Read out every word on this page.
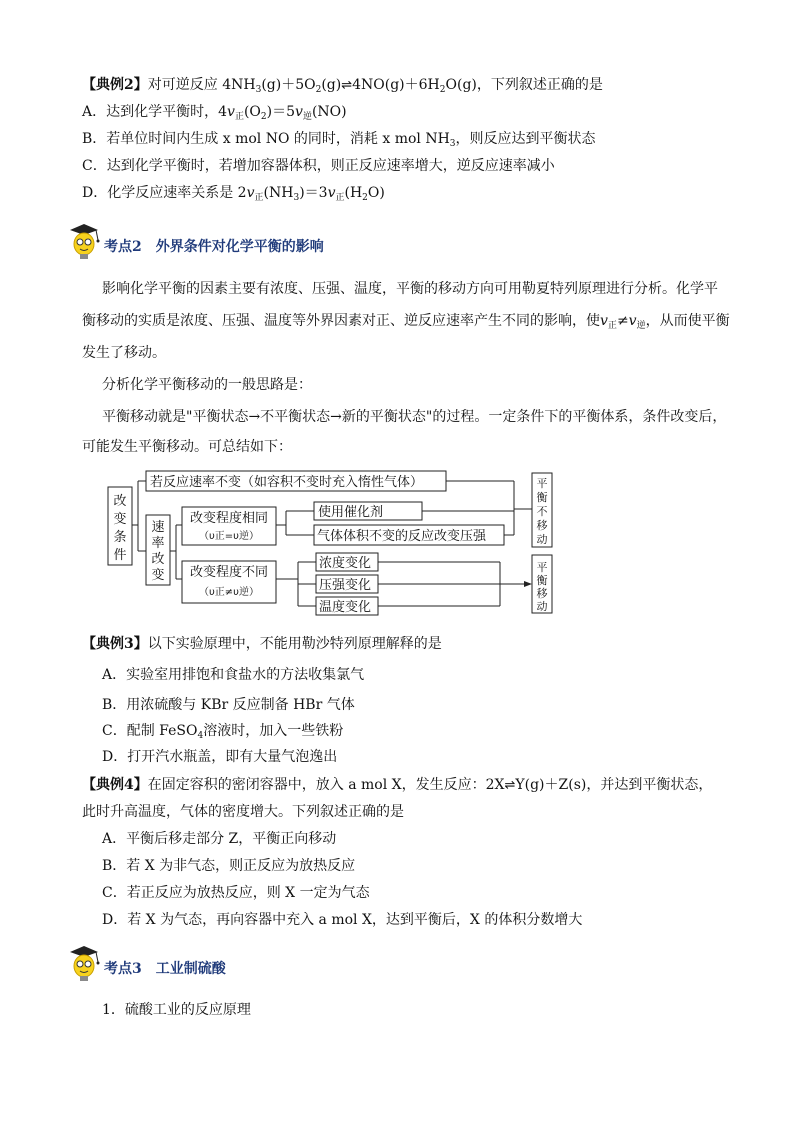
【典例2】对可逆反应 $4NH_3(g)+5O_2(g)\rightleftharpoons 4NO(g)+6H_2O(g)$，下列叙述正确的是
A．达到化学平衡时，$4v_正(O_2)=5v_逆(NO)$
B．若单位时间内生成 x mol NO 的同时，消耗 x mol $NH_3$，则反应达到平衡状态
C．达到化学平衡时，若增加容器体积，则正反应速率增大，逆反应速率减小
D．化学反应速率关系是 $2v_正(NH_3)=3v_正(H_2O)$
考点2 外界条件对化学平衡的影响
影响化学平衡的因素主要有浓度、压强、温度，平衡的移动方向可用勒夏特列原理进行分析。化学平
衡移动的实质是浓度、压强、温度等外界因素对正、逆反应速率产生不同的影响，使$v_正\ne v_逆$，从而使平衡
发生了移动。
分析化学平衡移动的一般思路是：
平衡移动就是"平衡状态→不平衡状态→新的平衡状态"的过程。一定条件下的平衡体系，条件改变后，
可能发生平衡移动。可总结如下：
改变条件
速率改变
若反应速率不变（如容积不变时充入惰性气体）
改变程度相同
（υ正=υ逆）
改变程度不同
（υ正≠υ逆）
使用催化剂
气体体积不变的反应改变压强
浓度变化
压强变化
温度变化
平衡不移动
平衡移动
【典例3】以下实验原理中，不能用勒沙特列原理解释的是
A．实验室用排饱和食盐水的方法收集氯气
B．用浓硫酸与 KBr 反应制备 HBr 气体
C．配制 FeSO$_4$溶液时，加入一些铁粉
D．打开汽水瓶盖，即有大量气泡逸出
【典例4】在固定容积的密闭容器中，放入 a mol X，发生反应：2X⇌Y(g)＋Z(s)，并达到平衡状态，
此时升高温度，气体的密度增大。下列叙述正确的是
A．平衡后移走部分 Z，平衡正向移动
B．若 X 为非气态，则正反应为放热反应
C．若正反应为放热反应，则 X 一定为气态
D．若 X 为气态，再向容器中充入 a mol X，达到平衡后，X 的体积分数增大
考点3 工业制硫酸
1．硫酸工业的反应原理
